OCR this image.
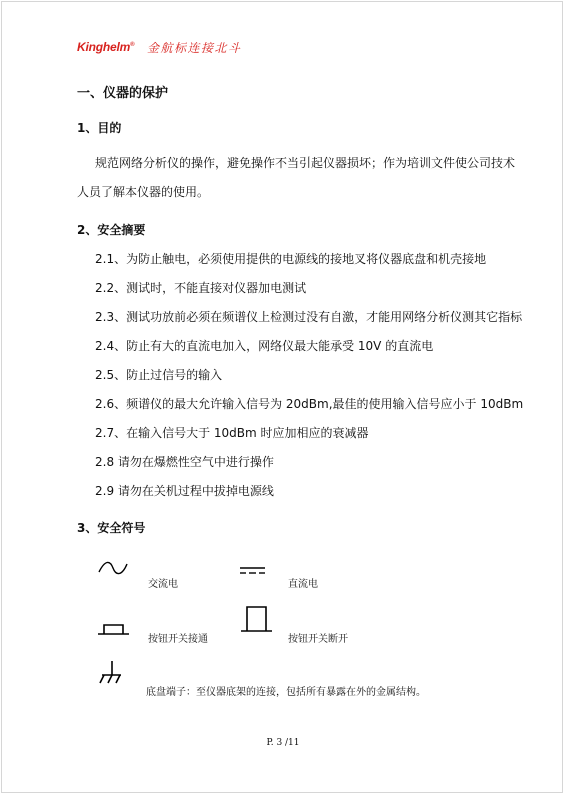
Kinghelm® 金航标连接北斗
一、仪器的保护
1、目的
规范网络分析仪的操作，避免操作不当引起仪器损坏；作为培训文件使公司技术
人员了解本仪器的使用。
2、安全摘要
2.1、为防止触电，必须使用提供的电源线的接地叉将仪器底盘和机壳接地
2.2、测试时，不能直接对仪器加电测试
2.3、测试功放前必须在频谱仪上检测过没有自激，才能用网络分析仪测其它指标
2.4、防止有大的直流电加入，网络仪最大能承受 10V 的直流电
2.5、防止过信号的输入
2.6、频谱仪的最大允许输入信号为 20dBm,最佳的使用输入信号应小于 10dBm
2.7、在输入信号大于 10dBm 时应加相应的衰减器
2.8 请勿在爆燃性空气中进行操作
2.9 请勿在关机过程中拔掉电源线
3、安全符号
交流电	直流电
按钮开关接通	按钮开关断开
底盘端子：至仪器底架的连接，包括所有暴露在外的金属结构。
P. 3 /11
